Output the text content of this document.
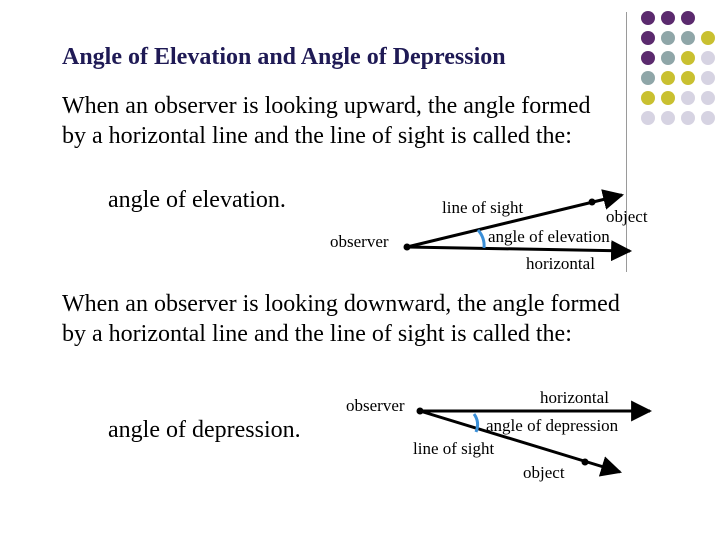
Angle of Elevation and Angle of Depression
When an observer is looking upward, the angle formed
by a horizontal line and the line of sight is called the:
angle of elevation.
When an observer is looking downward, the angle formed
by a horizontal line and the line of sight is called the:
angle of depression.
line of sight	object
angle of elevation
observer
horizontal
observer	horizontal
angle of depression
line of sight
object
